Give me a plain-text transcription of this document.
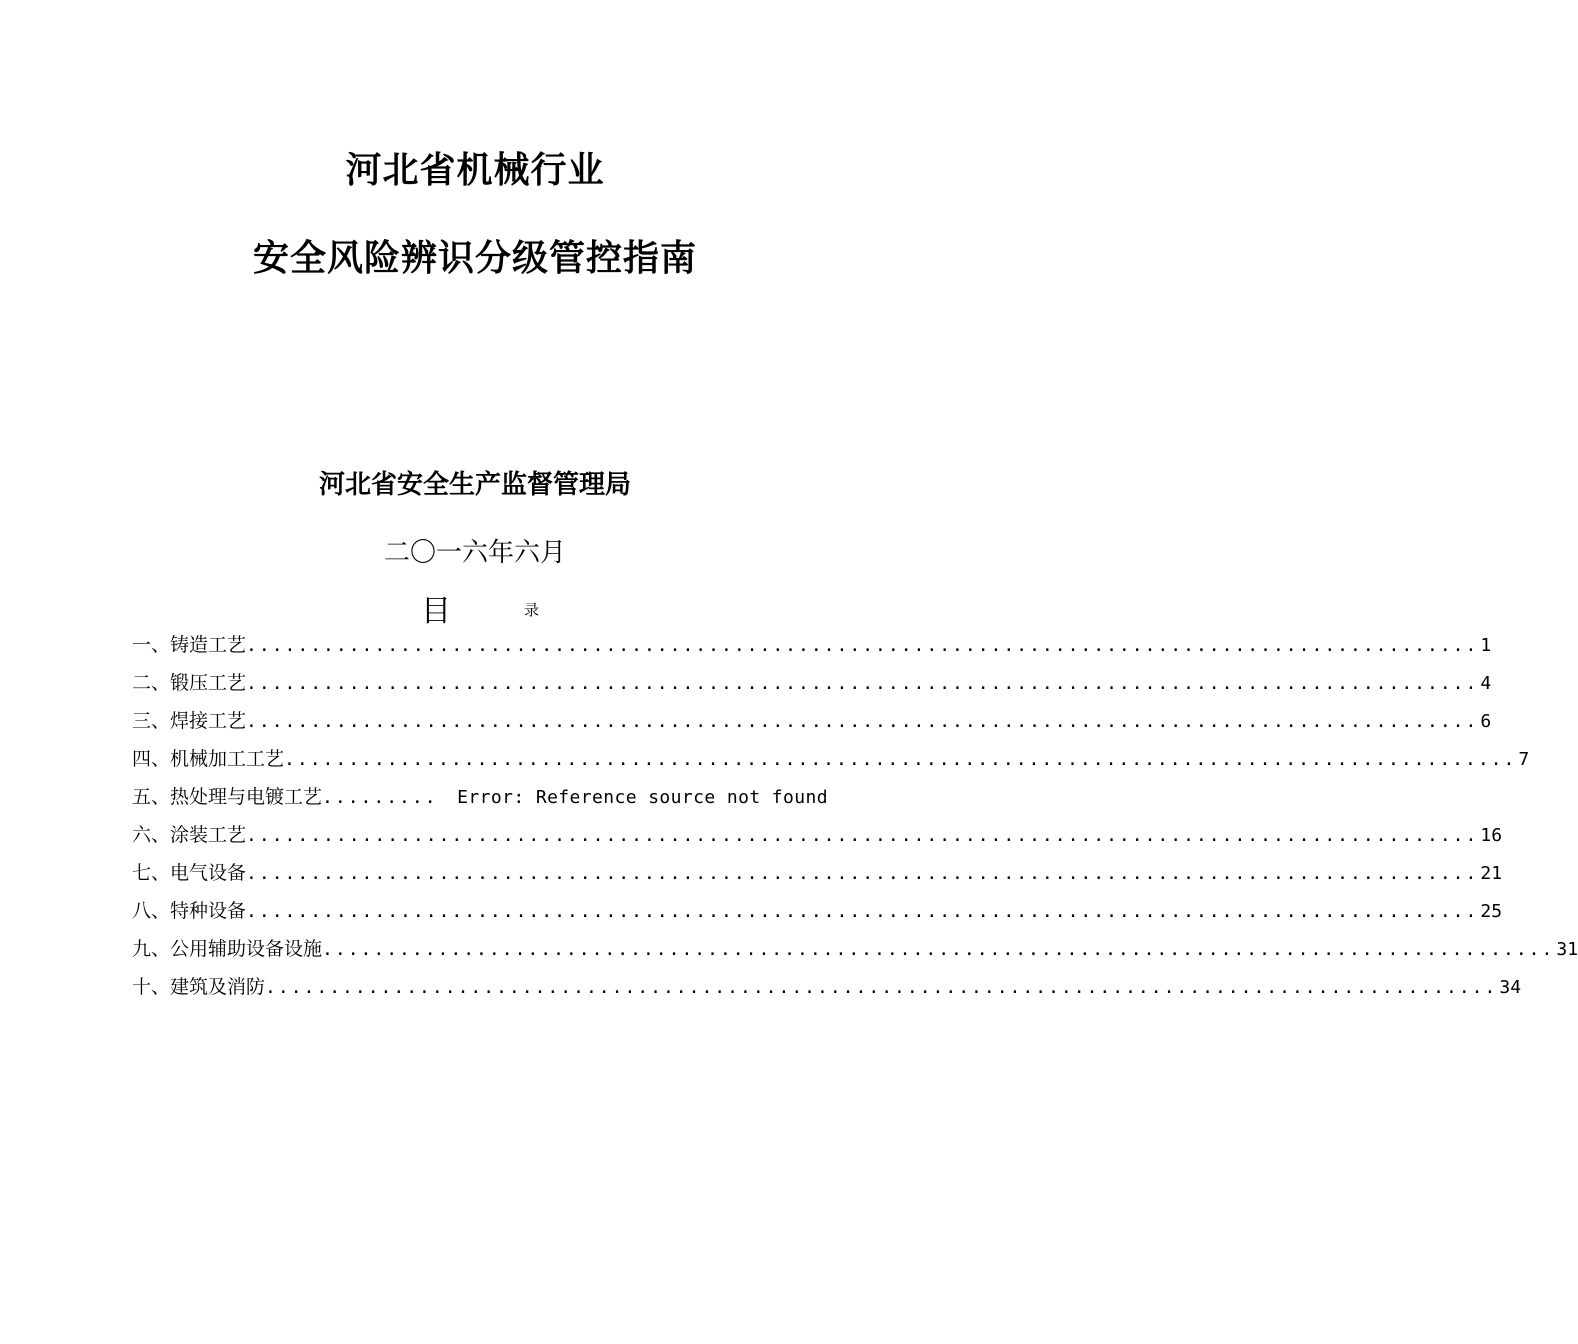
河北省机械行业
安全风险辨识分级管控指南
河北省安全生产监督管理局
二〇一六年六月
目	录
一、铸造工艺 ................................................................................................ 1
二、锻压工艺 ................................................................................................ 4
三、焊接工艺 ................................................................................................ 6
四、机械加工工艺 ................................................................................................ 7
五、热处理与电镀工艺 .........	Error: Reference source not found
六、涂装工艺 ................................................................................................ 16
七、电气设备 ................................................................................................ 21
八、特种设备 ................................................................................................ 25
九、公用辅助设备设施 ................................................................................................ 31
十、建筑及消防 ................................................................................................ 34
